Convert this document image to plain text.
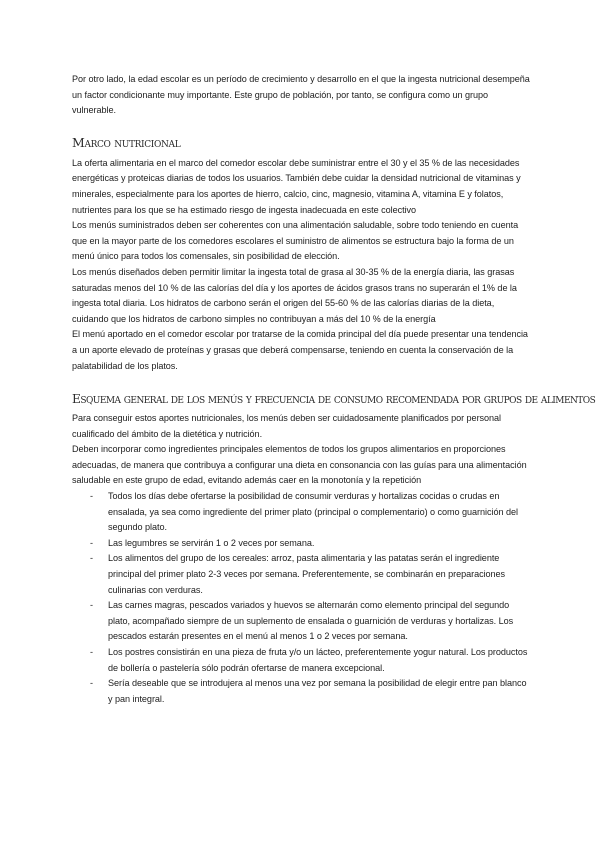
Por otro lado, la edad escolar es un período de crecimiento y desarrollo en el que la ingesta nutricional desempeña un factor condicionante muy importante. Este grupo de población, por tanto, se configura como un grupo vulnerable.

Marco nutricional

La oferta alimentaria en el marco del comedor escolar debe suministrar entre el 30 y el 35 % de las necesidades energéticas y proteicas diarias de todos los usuarios. También debe cuidar la densidad nutricional de vitaminas y minerales, especialmente para los aportes de hierro, calcio, cinc, magnesio, vitamina A, vitamina E y folatos, nutrientes para los que se ha estimado riesgo de ingesta inadecuada en este colectivo

Los menús suministrados deben ser coherentes con una alimentación saludable, sobre todo teniendo en cuenta que en la mayor parte de los comedores escolares el suministro de alimentos se estructura bajo la forma de un menú único para todos los comensales, sin posibilidad de elección.

Los menús diseñados deben permitir limitar la ingesta total de grasa al 30-35 % de la energía diaria, las grasas saturadas menos del 10 % de las calorías del día y los aportes de ácidos grasos trans no superarán el 1% de la ingesta total diaria. Los hidratos de carbono serán el origen del 55-60 % de las calorías diarias de la dieta, cuidando que los hidratos de carbono simples no contribuyan a más del 10 % de la energía

El menú aportado en el comedor escolar por tratarse de la comida principal del día puede presentar una tendencia a un aporte elevado de proteínas y grasas que deberá compensarse, teniendo en cuenta la conservación de la palatabilidad de los platos.

Esquema general de los menús y frecuencia de consumo recomendada por grupos de alimentos

Para conseguir estos aportes nutricionales, los menús deben ser cuidadosamente planificados por personal cualificado del ámbito de la dietética y nutrición.

Deben incorporar como ingredientes principales elementos de todos los grupos alimentarios en proporciones adecuadas, de manera que contribuya a configurar una dieta en consonancia con las guías para una alimentación saludable en este grupo de edad, evitando además caer en la monotonía y la repetición

-	Todos los días debe ofertarse la posibilidad de consumir verduras y hortalizas cocidas o crudas en ensalada, ya sea como ingrediente del primer plato (principal o complementario) o como guarnición del segundo plato.
-	Las legumbres se servirán 1 o 2 veces por semana.
-	Los alimentos del grupo de los cereales: arroz, pasta alimentaria y las patatas serán el ingrediente principal del primer plato 2-3 veces por semana. Preferentemente, se combinarán en preparaciones culinarias con verduras.
-	Las carnes magras, pescados variados y huevos se alternarán como elemento principal del segundo plato, acompañado siempre de un suplemento de ensalada o guarnición de verduras y hortalizas. Los pescados estarán presentes en el menú al menos 1 o 2 veces por semana.
-	Los postres consistirán en una pieza de fruta y/o un lácteo, preferentemente yogur natural. Los productos de bollería o pastelería sólo podrán ofertarse de manera excepcional.
-	Sería deseable que se introdujera al menos una vez por semana la posibilidad de elegir entre pan blanco y pan integral.
